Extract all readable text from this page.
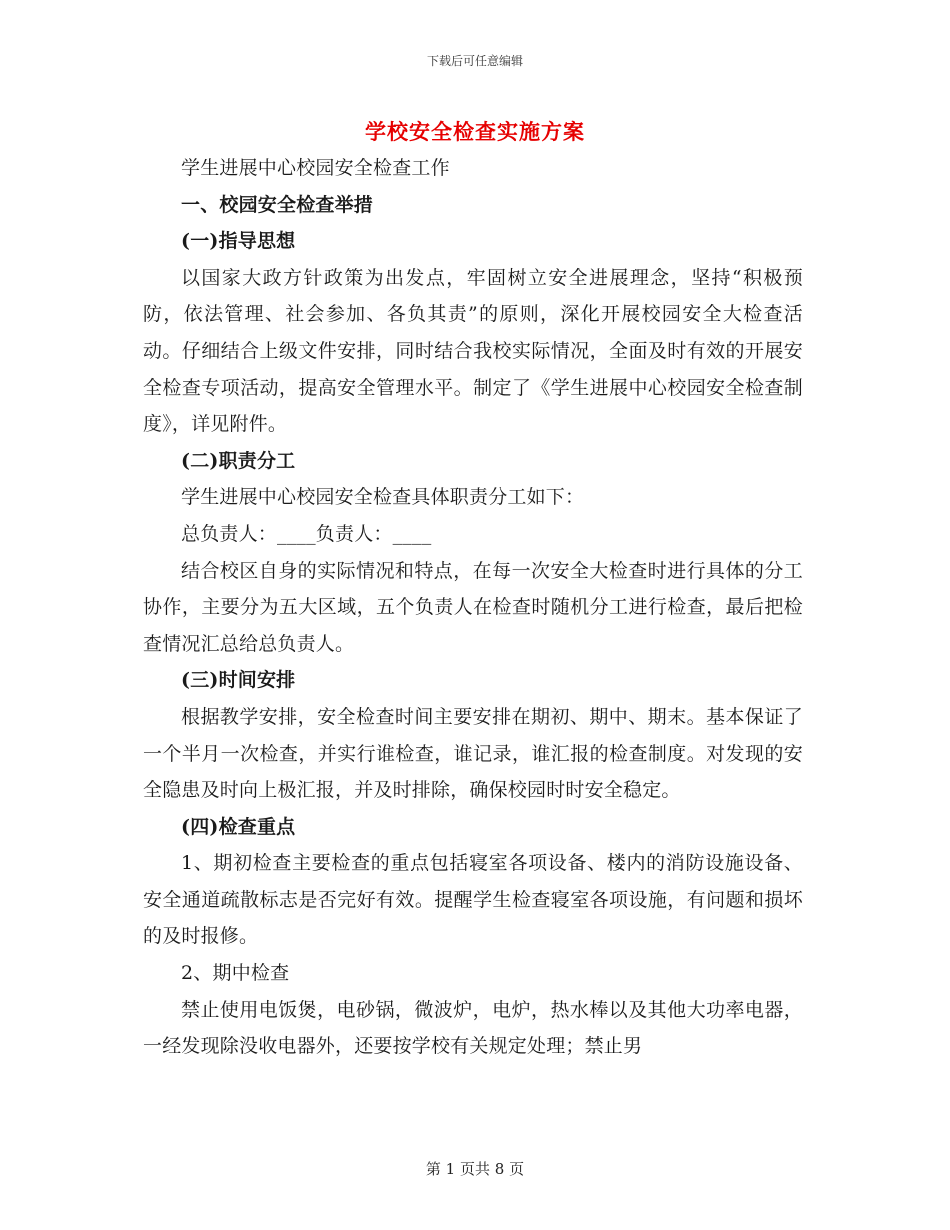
下载后可任意编辑
学校安全检查实施方案

学生进展中心校园安全检查工作

一、校园安全检查举措

(一)指导思想

以国家大政方针政策为出发点，牢固树立安全进展理念，坚持“积极预防，依法管理、社会参加、各负其责”的原则，深化开展校园安全大检查活动。仔细结合上级文件安排，同时结合我校实际情况，全面及时有效的开展安全检查专项活动，提高安全管理水平。制定了《学生进展中心校园安全检查制度》，详见附件。

(二)职责分工

学生进展中心校园安全检查具体职责分工如下：

总负责人：____负责人：____

结合校区自身的实际情况和特点，在每一次安全大检查时进行具体的分工协作，主要分为五大区域，五个负责人在检查时随机分工进行检查，最后把检查情况汇总给总负责人。

(三)时间安排

根据教学安排，安全检查时间主要安排在期初、期中、期末。基本保证了一个半月一次检查，并实行谁检查，谁记录，谁汇报的检查制度。对发现的安全隐患及时向上极汇报，并及时排除，确保校园时时安全稳定。

(四)检查重点

1、期初检查主要检查的重点包括寝室各项设备、楼内的消防设施设备、安全通道疏散标志是否完好有效。提醒学生检查寝室各项设施，有问题和损坏的及时报修。

2、期中检查

禁止使用电饭煲，电砂锅，微波炉，电炉，热水棒以及其他大功率电器，一经发现除没收电器外，还要按学校有关规定处理；禁止男

第 1 页共 8 页
